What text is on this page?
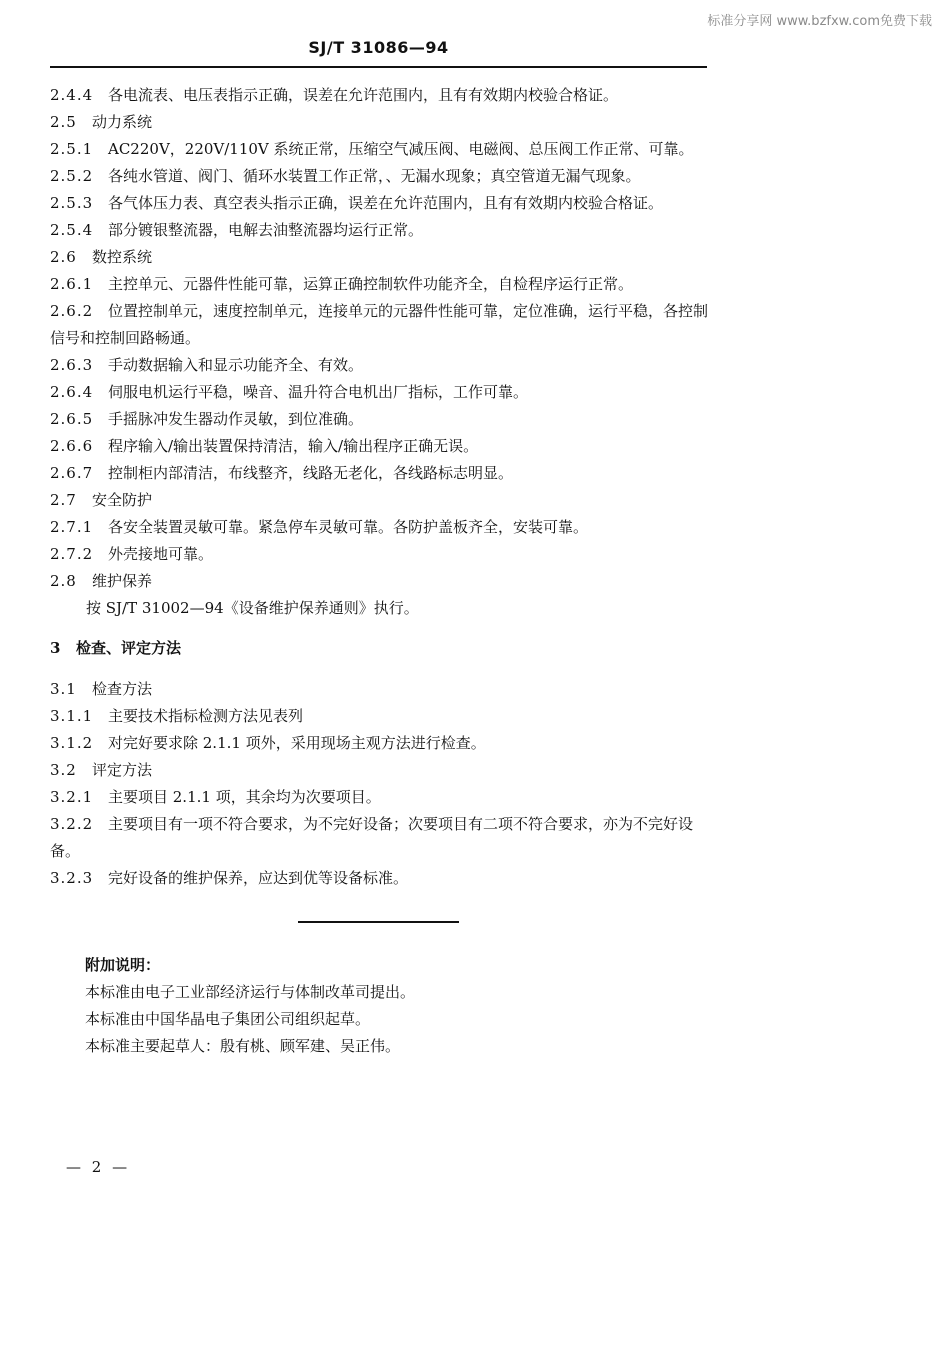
标准分享网 www.bzfxw.com免费下载
SJ/T 31086—94
2.4.4 各电流表、电压表指示正确，误差在允许范围内，且有有效期内校验合格证。
2.5 动力系统
2.5.1 AC220V，220V/110V 系统正常，压缩空气减压阀、电磁阀、总压阀工作正常、可靠。
2.5.2 各纯水管道、阀门、循环水装置工作正常，、无漏水现象；真空管道无漏气现象。
2.5.3 各气体压力表、真空表头指示正确，误差在允许范围内，且有有效期内校验合格证。
2.5.4 部分镀银整流器，电解去油整流器均运行正常。
2.6 数控系统
2.6.1 主控单元、元器件性能可靠，运算正确控制软件功能齐全，自检程序运行正常。
2.6.2 位置控制单元，速度控制单元，连接单元的元器件性能可靠，定位准确，运行平稳，各控制信号和控制回路畅通。
2.6.3 手动数据输入和显示功能齐全、有效。
2.6.4 伺服电机运行平稳，噪音、温升符合电机出厂指标，工作可靠。
2.6.5 手摇脉冲发生器动作灵敏，到位准确。
2.6.6 程序输入/输出装置保持清洁，输入/输出程序正确无误。
2.6.7 控制柜内部清洁，布线整齐，线路无老化，各线路标志明显。
2.7 安全防护
2.7.1 各安全装置灵敏可靠。紧急停车灵敏可靠。各防护盖板齐全，安装可靠。
2.7.2 外壳接地可靠。
2.8 维护保养
按 SJ/T 31002—94《设备维护保养通则》执行。
3 检查、评定方法
3.1 检查方法
3.1.1 主要技术指标检测方法见表列
3.1.2 对完好要求除 2.1.1 项外，采用现场主观方法进行检查。
3.2 评定方法
3.2.1 主要项目 2.1.1 项，其余均为次要项目。
3.2.2 主要项目有一项不符合要求，为不完好设备；次要项目有二项不符合要求，亦为不完好设备。
3.2.3 完好设备的维护保养，应达到优等设备标准。
附加说明：
本标准由电子工业部经济运行与体制改革司提出。
本标准由中国华晶电子集团公司组织起草。
本标准主要起草人：殷有桃、顾军建、吴正伟。
— 2 —
